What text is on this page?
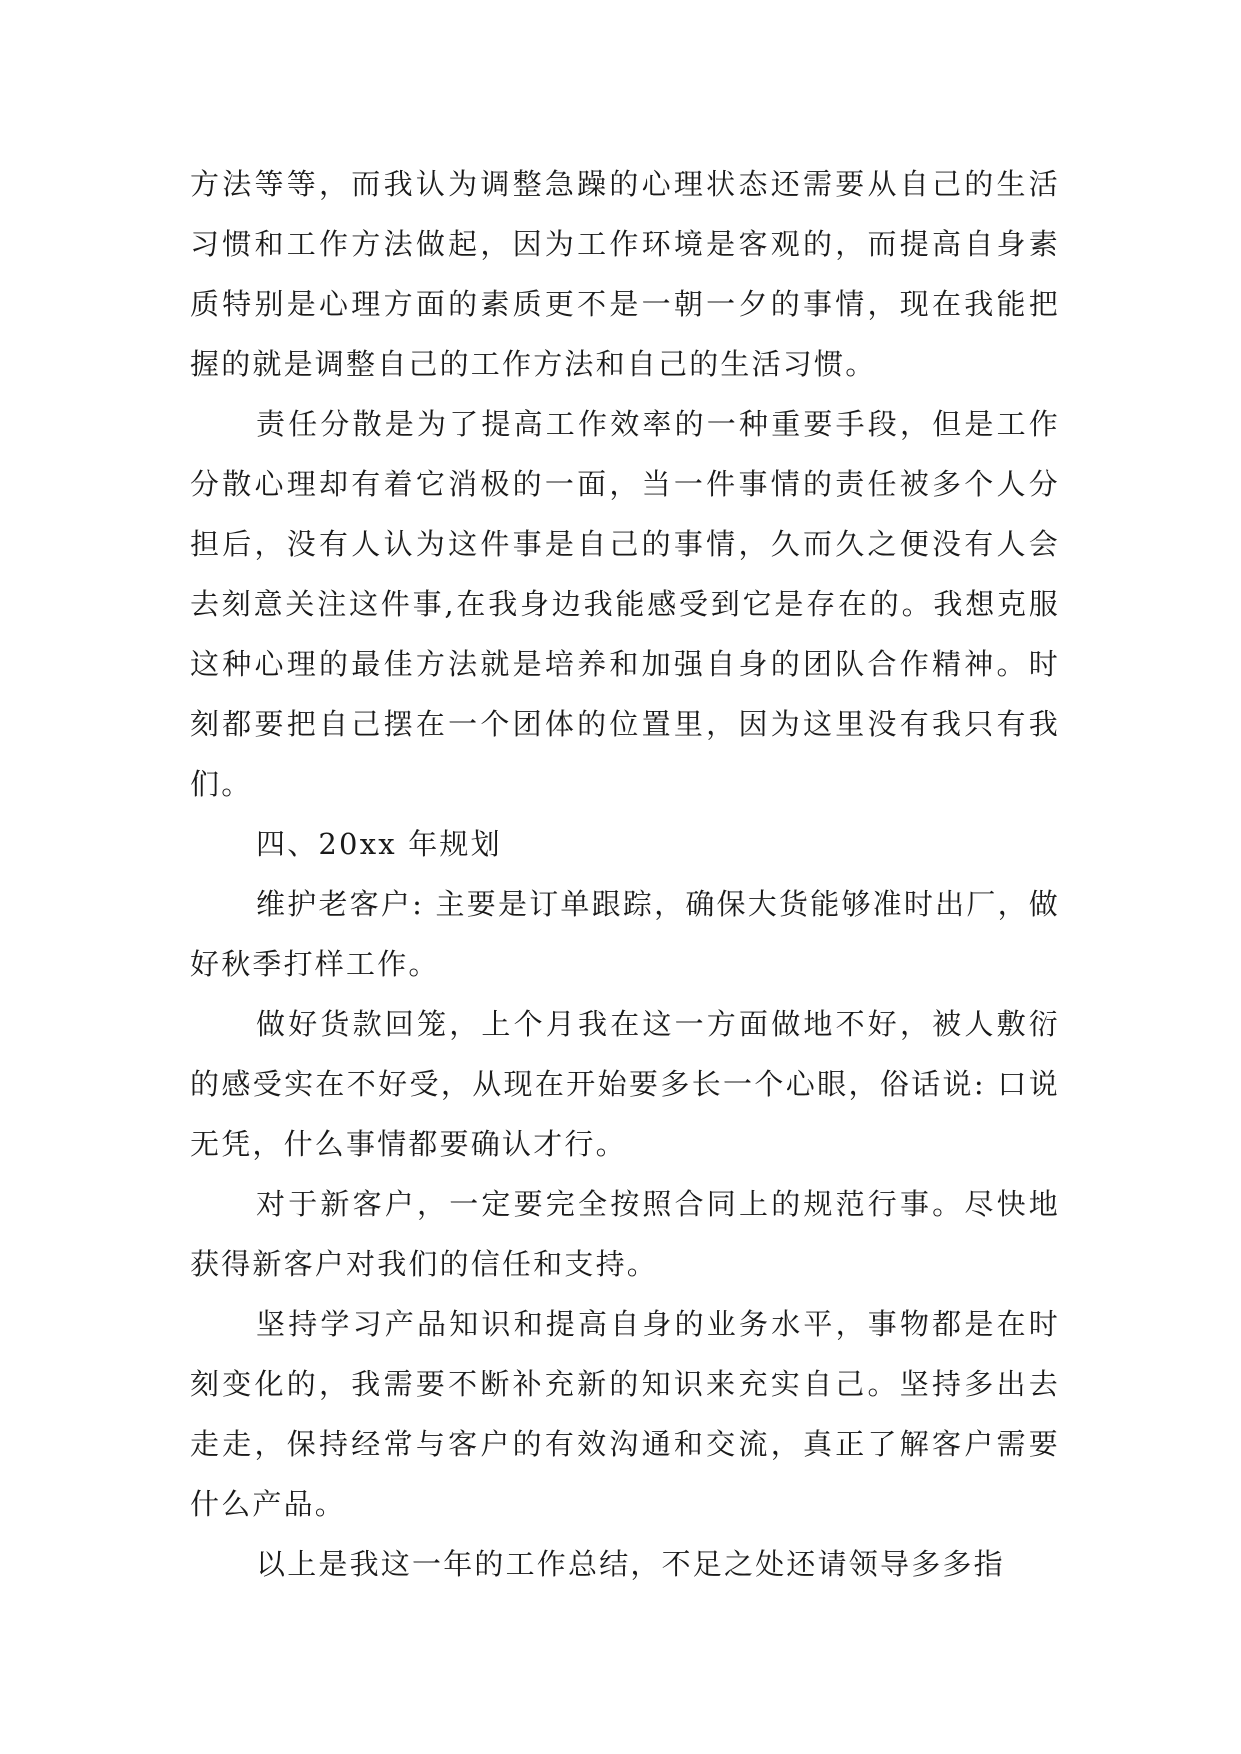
方法等等，而我认为调整急躁的心理状态还需要从自己的生活习惯和工作方法做起，因为工作环境是客观的，而提高自身素质特别是心理方面的素质更不是一朝一夕的事情，现在我能把握的就是调整自己的工作方法和自己的生活习惯。

责任分散是为了提高工作效率的一种重要手段，但是工作分散心理却有着它消极的一面，当一件事情的责任被多个人分担后，没有人认为这件事是自己的事情，久而久之便没有人会去刻意关注这件事,在我身边我能感受到它是存在的。我想克服这种心理的最佳方法就是培养和加强自身的团队合作精神。时刻都要把自己摆在一个团体的位置里，因为这里没有我只有我们。

四、20xx 年规划

维护老客户: 主要是订单跟踪，确保大货能够准时出厂，做好秋季打样工作。

做好货款回笼，上个月我在这一方面做地不好，被人敷衍的感受实在不好受，从现在开始要多长一个心眼，俗话说: 口说无凭，什么事情都要确认才行。

对于新客户，一定要完全按照合同上的规范行事。尽快地获得新客户对我们的信任和支持。

坚持学习产品知识和提高自身的业务水平，事物都是在时刻变化的，我需要不断补充新的知识来充实自己。坚持多出去走走，保持经常与客户的有效沟通和交流，真正了解客户需要什么产品。

以上是我这一年的工作总结，不足之处还请领导多多指
